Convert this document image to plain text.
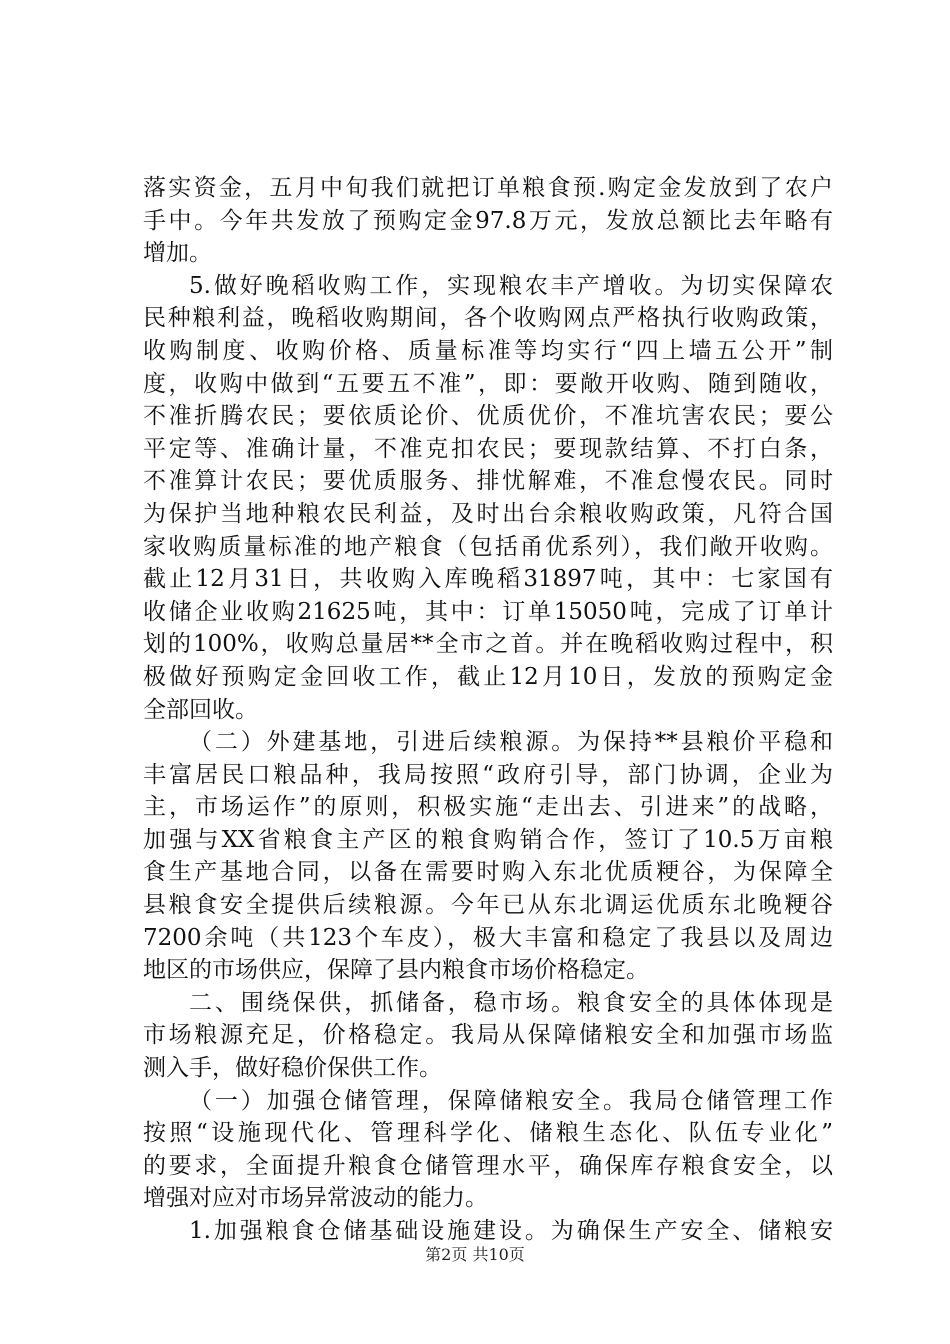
落实资金，五月中旬我们就把订单粮食预.购定金发放到了农户
手中。今年共发放了预购定金97.8万元，发放总额比去年略有
增加。
5.做好晚稻收购工作，实现粮农丰产增收。为切实保障农
民种粮利益，晚稻收购期间，各个收购网点严格执行收购政策，
收购制度、收购价格、质量标准等均实行“四上墙五公开”制
度，收购中做到“五要五不准”，即：要敞开收购、随到随收，
不准折腾农民；要依质论价、优质优价，不准坑害农民；要公
平定等、准确计量，不准克扣农民；要现款结算、不打白条，
不准算计农民；要优质服务、排忧解难，不准怠慢农民。同时
为保护当地种粮农民利益，及时出台余粮收购政策，凡符合国
家收购质量标准的地产粮食（包括甬优系列），我们敞开收购。
截止12月31日，共收购入库晚稻31897吨，其中：七家国有
收储企业收购21625吨，其中：订单15050吨，完成了订单计
划的100%，收购总量居**全市之首。并在晚稻收购过程中，积
极做好预购定金回收工作，截止12月10日，发放的预购定金
全部回收。
（二）外建基地，引进后续粮源。为保持**县粮价平稳和
丰富居民口粮品种，我局按照“政府引导，部门协调，企业为
主，市场运作”的原则，积极实施“走出去、引进来”的战略，
加强与XX省粮食主产区的粮食购销合作，签订了10.5万亩粮
食生产基地合同，以备在需要时购入东北优质粳谷，为保障全
县粮食安全提供后续粮源。今年已从东北调运优质东北晚粳谷
7200余吨（共123个车皮），极大丰富和稳定了我县以及周边
地区的市场供应，保障了县内粮食市场价格稳定。
二、围绕保供，抓储备，稳市场。粮食安全的具体体现是
市场粮源充足，价格稳定。我局从保障储粮安全和加强市场监
测入手，做好稳价保供工作。
（一）加强仓储管理，保障储粮安全。我局仓储管理工作
按照“设施现代化、管理科学化、储粮生态化、队伍专业化”
的要求，全面提升粮食仓储管理水平，确保库存粮食安全，以
增强对应对市场异常波动的能力。
1.加强粮食仓储基础设施建设。为确保生产安全、储粮安
第2页 共10页
